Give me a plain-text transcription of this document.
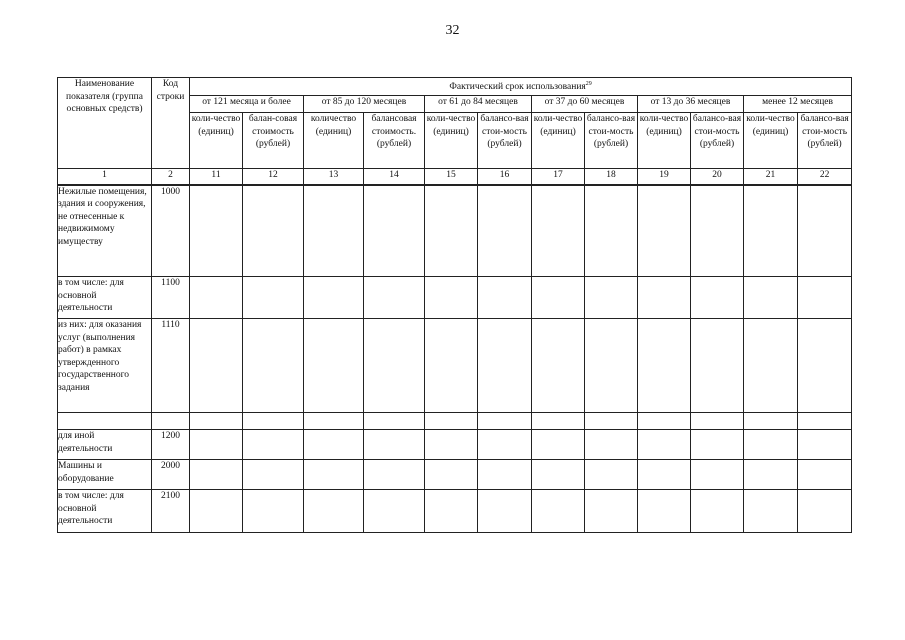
32
Наименование показателя (группа основных средств)	Код строки	Фактический срок использования$^{29}$
		от 121 месяца и более		от 85 до 120 месяцев		от 61 до 84 месяцев		от 37 до 60 месяцев		от 13 до 36 месяцев		менее 12 месяцев	
		коли-чество (единиц)	балан-совая стоимость (рублей)	количество (единиц)	балансовая стоимость. (рублей)	коли-чество (единиц)	балансо-вая стои-мость (рублей)	коли-чество (единиц)	балансо-вая стои-мость (рублей)	коли-чество (единиц)	балансо-вая стои-мость (рублей)	коли-чество (единиц)	балансо-вая стои-мость (рублей)
1	2	11	12	13	14	15	16	17	18	19	20	21	22
Нежилые помещения, здания и сооружения, не отнесенные к недвижимому имуществу	1000												
в том числе: для основной деятельности	1100												
из них: для оказания услуг (выполнения работ) в рамках утвержденного государственного задания	1110												

для иной деятельности	1200												
Машины и оборудование	2000												
в том числе: для основной деятельности	2100												
